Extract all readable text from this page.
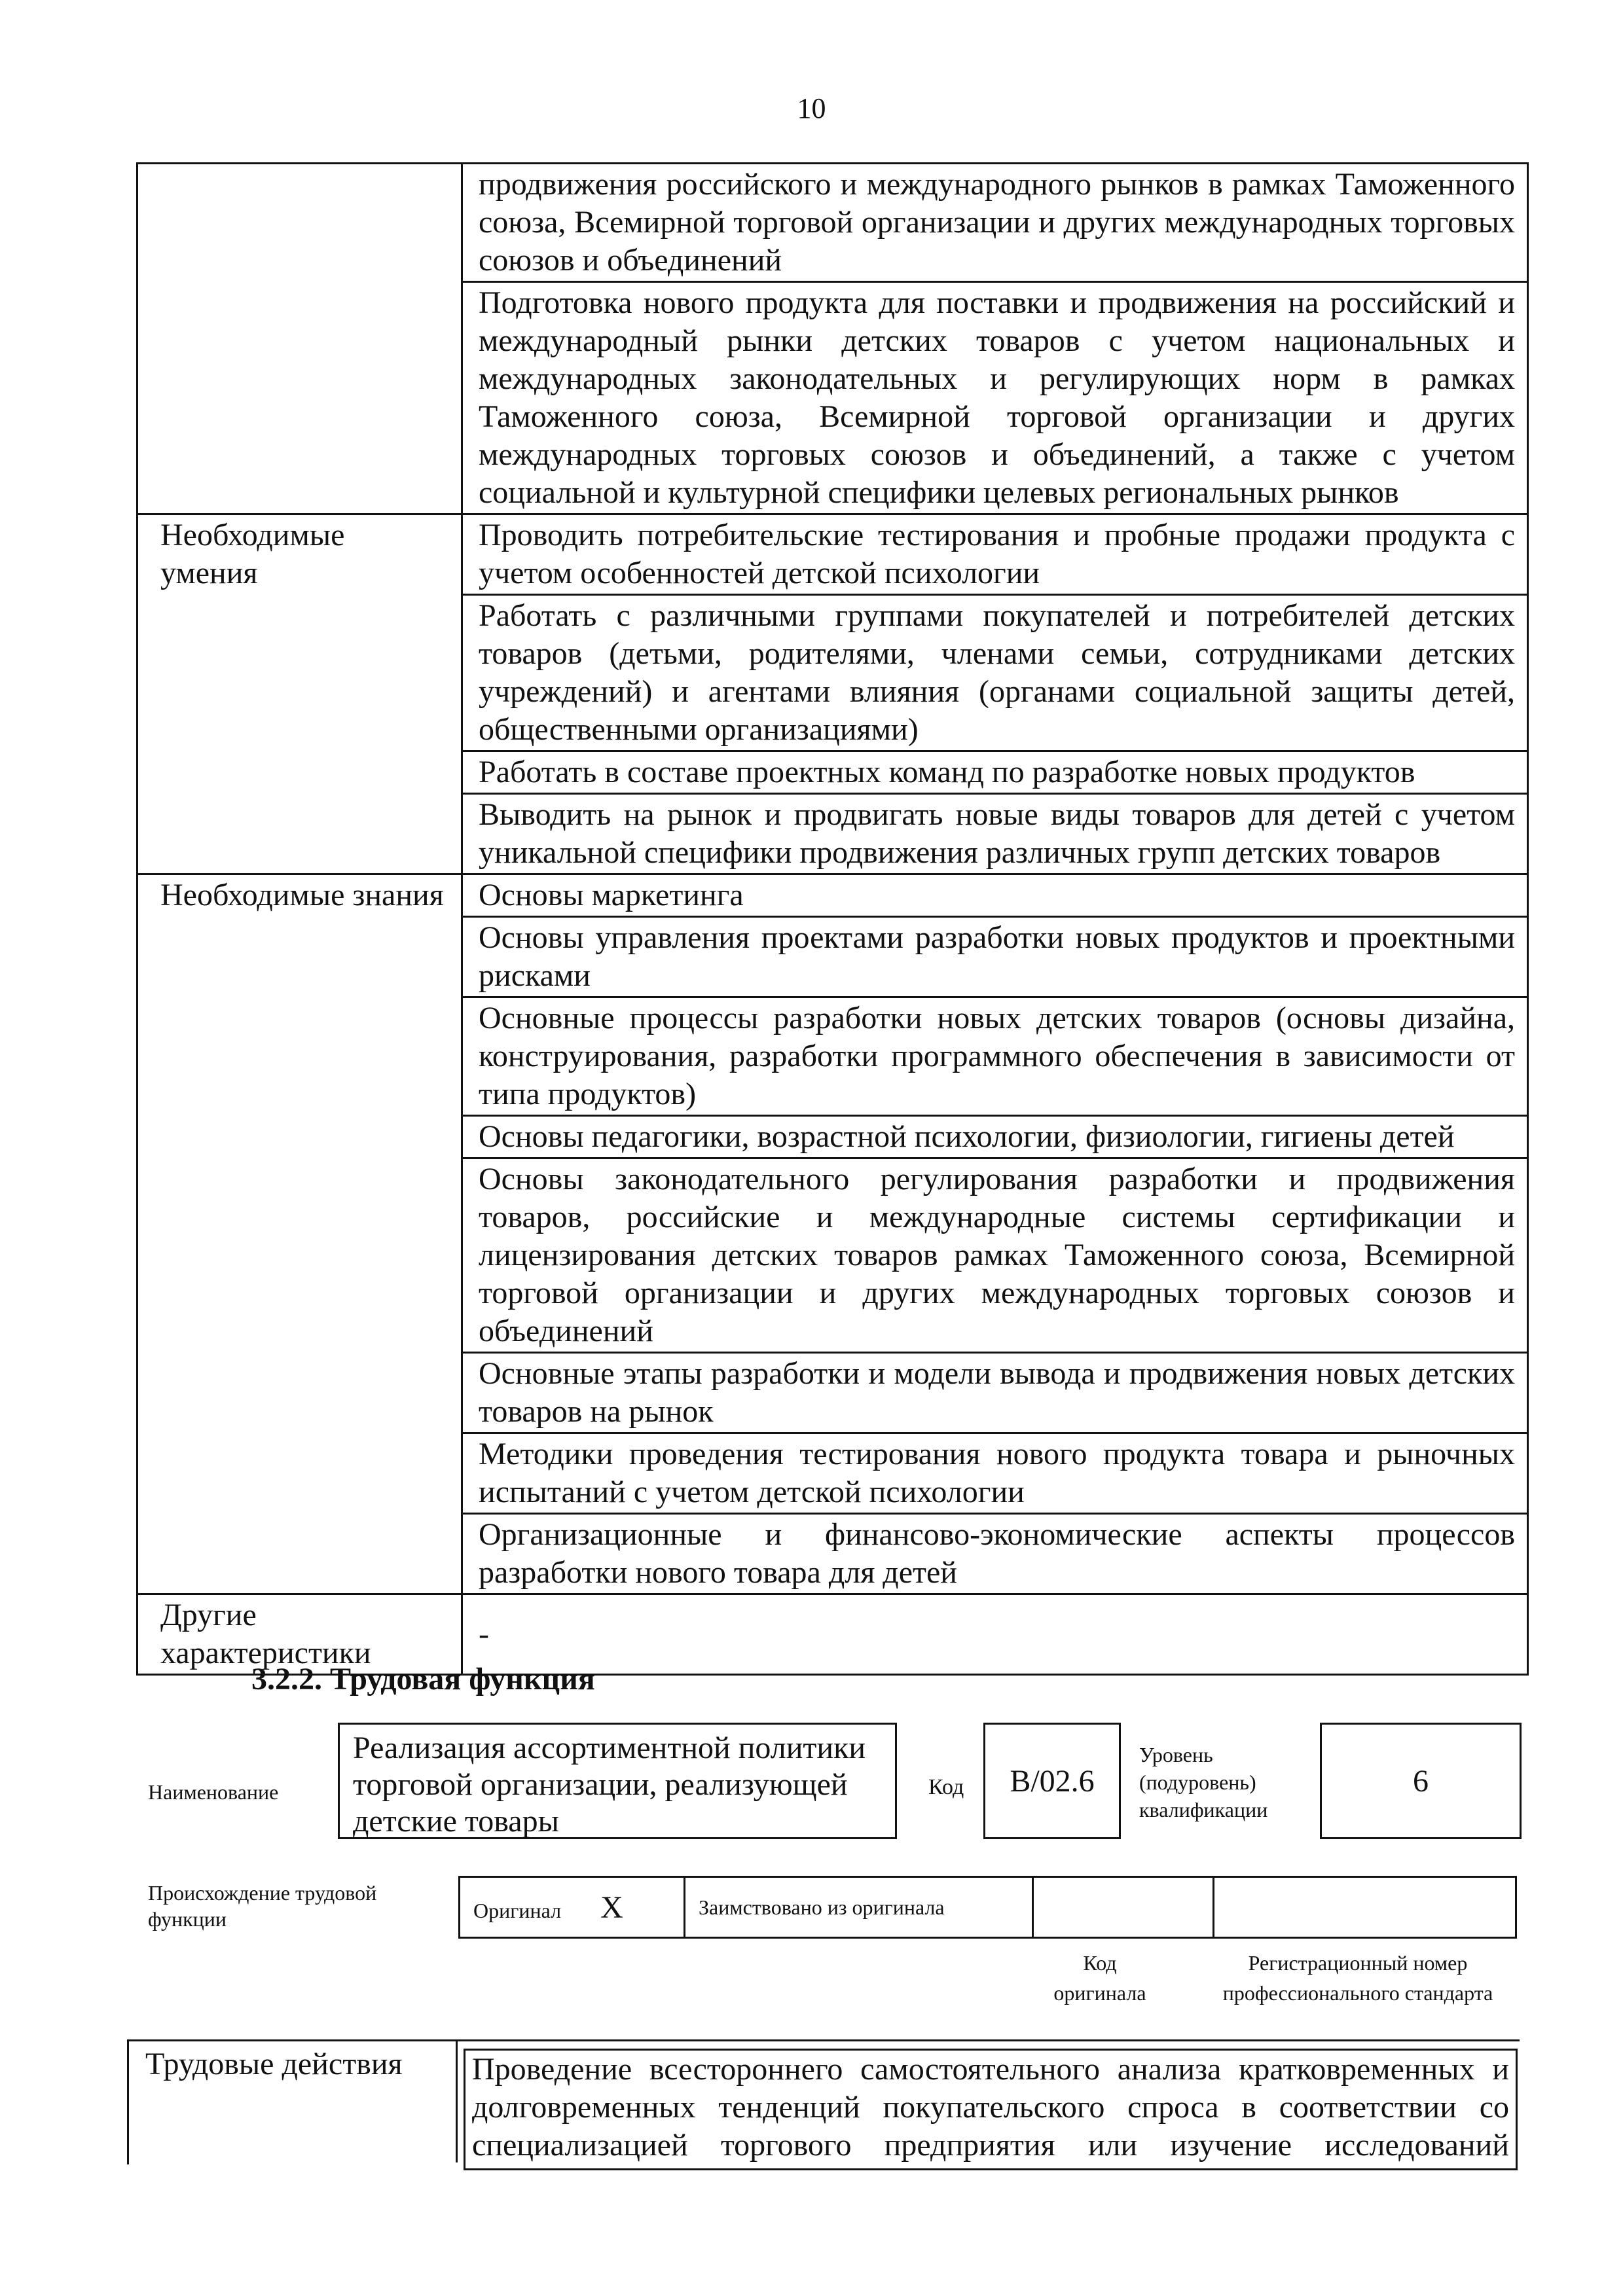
10
	продвижения российского и международного рынков в рамках Таможенного союза, Всемирной торговой организации и других международных торговых союзов и объединений
	Подготовка нового продукта для поставки и продвижения на российский и международный рынки детских товаров с учетом национальных и международных законодательных и регулирующих норм в рамках Таможенного союза, Всемирной торговой организации и других международных торговых союзов и объединений, а также с учетом социальной и культурной специфики целевых региональных рынков
Необходимые умения	Проводить потребительские тестирования и пробные продажи продукта с учетом особенностей детской психологии
	Работать с различными группами покупателей и потребителей детских товаров (детьми, родителями, членами семьи, сотрудниками детских учреждений) и агентами влияния (органами социальной защиты детей, общественными организациями)
	Работать в составе проектных команд по разработке новых продуктов
	Выводить на рынок и продвигать новые виды товаров для детей с учетом уникальной специфики продвижения различных групп детских товаров
Необходимые знания	Основы маркетинга
	Основы управления проектами разработки новых продуктов и проектными рисками
	Основные процессы разработки новых детских товаров (основы дизайна, конструирования, разработки программного обеспечения в зависимости от типа продуктов)
	Основы педагогики, возрастной психологии, физиологии, гигиены детей
	Основы законодательного регулирования разработки и продвижения товаров, российские и международные системы сертификации и лицензирования детских товаров рамках Таможенного союза, Всемирной торговой организации и других международных торговых союзов и объединений
	Основные этапы разработки и модели вывода и продвижения новых детских товаров на рынок
	Методики проведения тестирования нового продукта товара и рыночных испытаний с учетом детской психологии
	Организационные и финансово-экономические аспекты процессов разработки нового товара для детей
Другие характеристики	-
3.2.2. Трудовая функция
Наименование
Реализация ассортиментной политики торговой организации, реализующей детские товары
Код	B/02.6
Уровень
(подуровень)
квалификации
6
Происхождение трудовой функции	Оригинал X	Заимствовано из оригинала		
Код
оригинала
Регистрационный номер
профессионального стандарта
Трудовые действия Проведение всестороннего самостоятельного анализа кратковременных и долговременных тенденций покупательского спроса в соответствии со специализацией торгового предприятия или изучение исследований
